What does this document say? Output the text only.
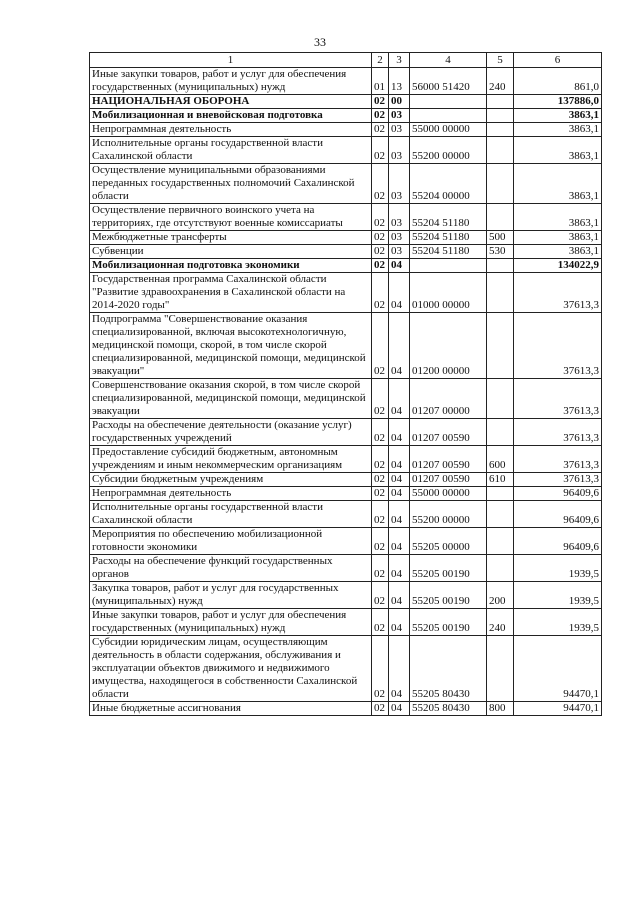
33
1	2	3	4	5	6
Иные закупки товаров, работ и услуг для обеспечения государственных (муниципальных) нужд	01	13	56000 51420	240	861,0
НАЦИОНАЛЬНАЯ ОБОРОНА	02	00			137886,0
Мобилизационная и вневойсковая подготовка	02	03			3863,1
Непрограммная деятельность	02	03	55000 00000		3863,1
Исполнительные органы государственной власти Сахалинской области	02	03	55200 00000		3863,1
Осуществление муниципальными образованиями переданных государственных полномочий Сахалинской области	02	03	55204 00000		3863,1
Осуществление первичного воинского учета на территориях, где отсутствуют военные комиссариаты	02	03	55204 51180		3863,1
Межбюджетные трансферты	02	03	55204 51180	500	3863,1
Субвенции	02	03	55204 51180	530	3863,1
Мобилизационная подготовка экономики	02	04			134022,9
Государственная программа Сахалинской области "Развитие здравоохранения в Сахалинской области на 2014-2020 годы"	02	04	01000 00000		37613,3
Подпрограмма "Совершенствование оказания специализированной, включая высокотехнологичную, медицинской помощи, скорой, в том числе скорой специализированной, медицинской помощи, медицинской эвакуации"	02	04	01200 00000		37613,3
Совершенствование оказания скорой, в том числе скорой специализированной, медицинской помощи, медицинской эвакуации	02	04	01207 00000		37613,3
Расходы на обеспечение деятельности (оказание услуг) государственных учреждений	02	04	01207 00590		37613,3
Предоставление субсидий бюджетным, автономным учреждениям и иным некоммерческим организациям	02	04	01207 00590	600	37613,3
Субсидии бюджетным учреждениям	02	04	01207 00590	610	37613,3
Непрограммная деятельность	02	04	55000 00000		96409,6
Исполнительные органы государственной власти Сахалинской области	02	04	55200 00000		96409,6
Мероприятия по обеспечению мобилизационной готовности экономики	02	04	55205 00000		96409,6
Расходы на обеспечение функций государственных органов	02	04	55205 00190		1939,5
Закупка товаров, работ и услуг для государственных (муниципальных) нужд	02	04	55205 00190	200	1939,5
Иные закупки товаров, работ и услуг для обеспечения государственных (муниципальных) нужд	02	04	55205 00190	240	1939,5
Субсидии юридическим лицам, осуществляющим деятельность в области содержания, обслуживания и эксплуатации объектов движимого и недвижимого имущества, находящегося в собственности Сахалинской области	02	04	55205 80430		94470,1
Иные бюджетные ассигнования	02	04	55205 80430	800	94470,1
